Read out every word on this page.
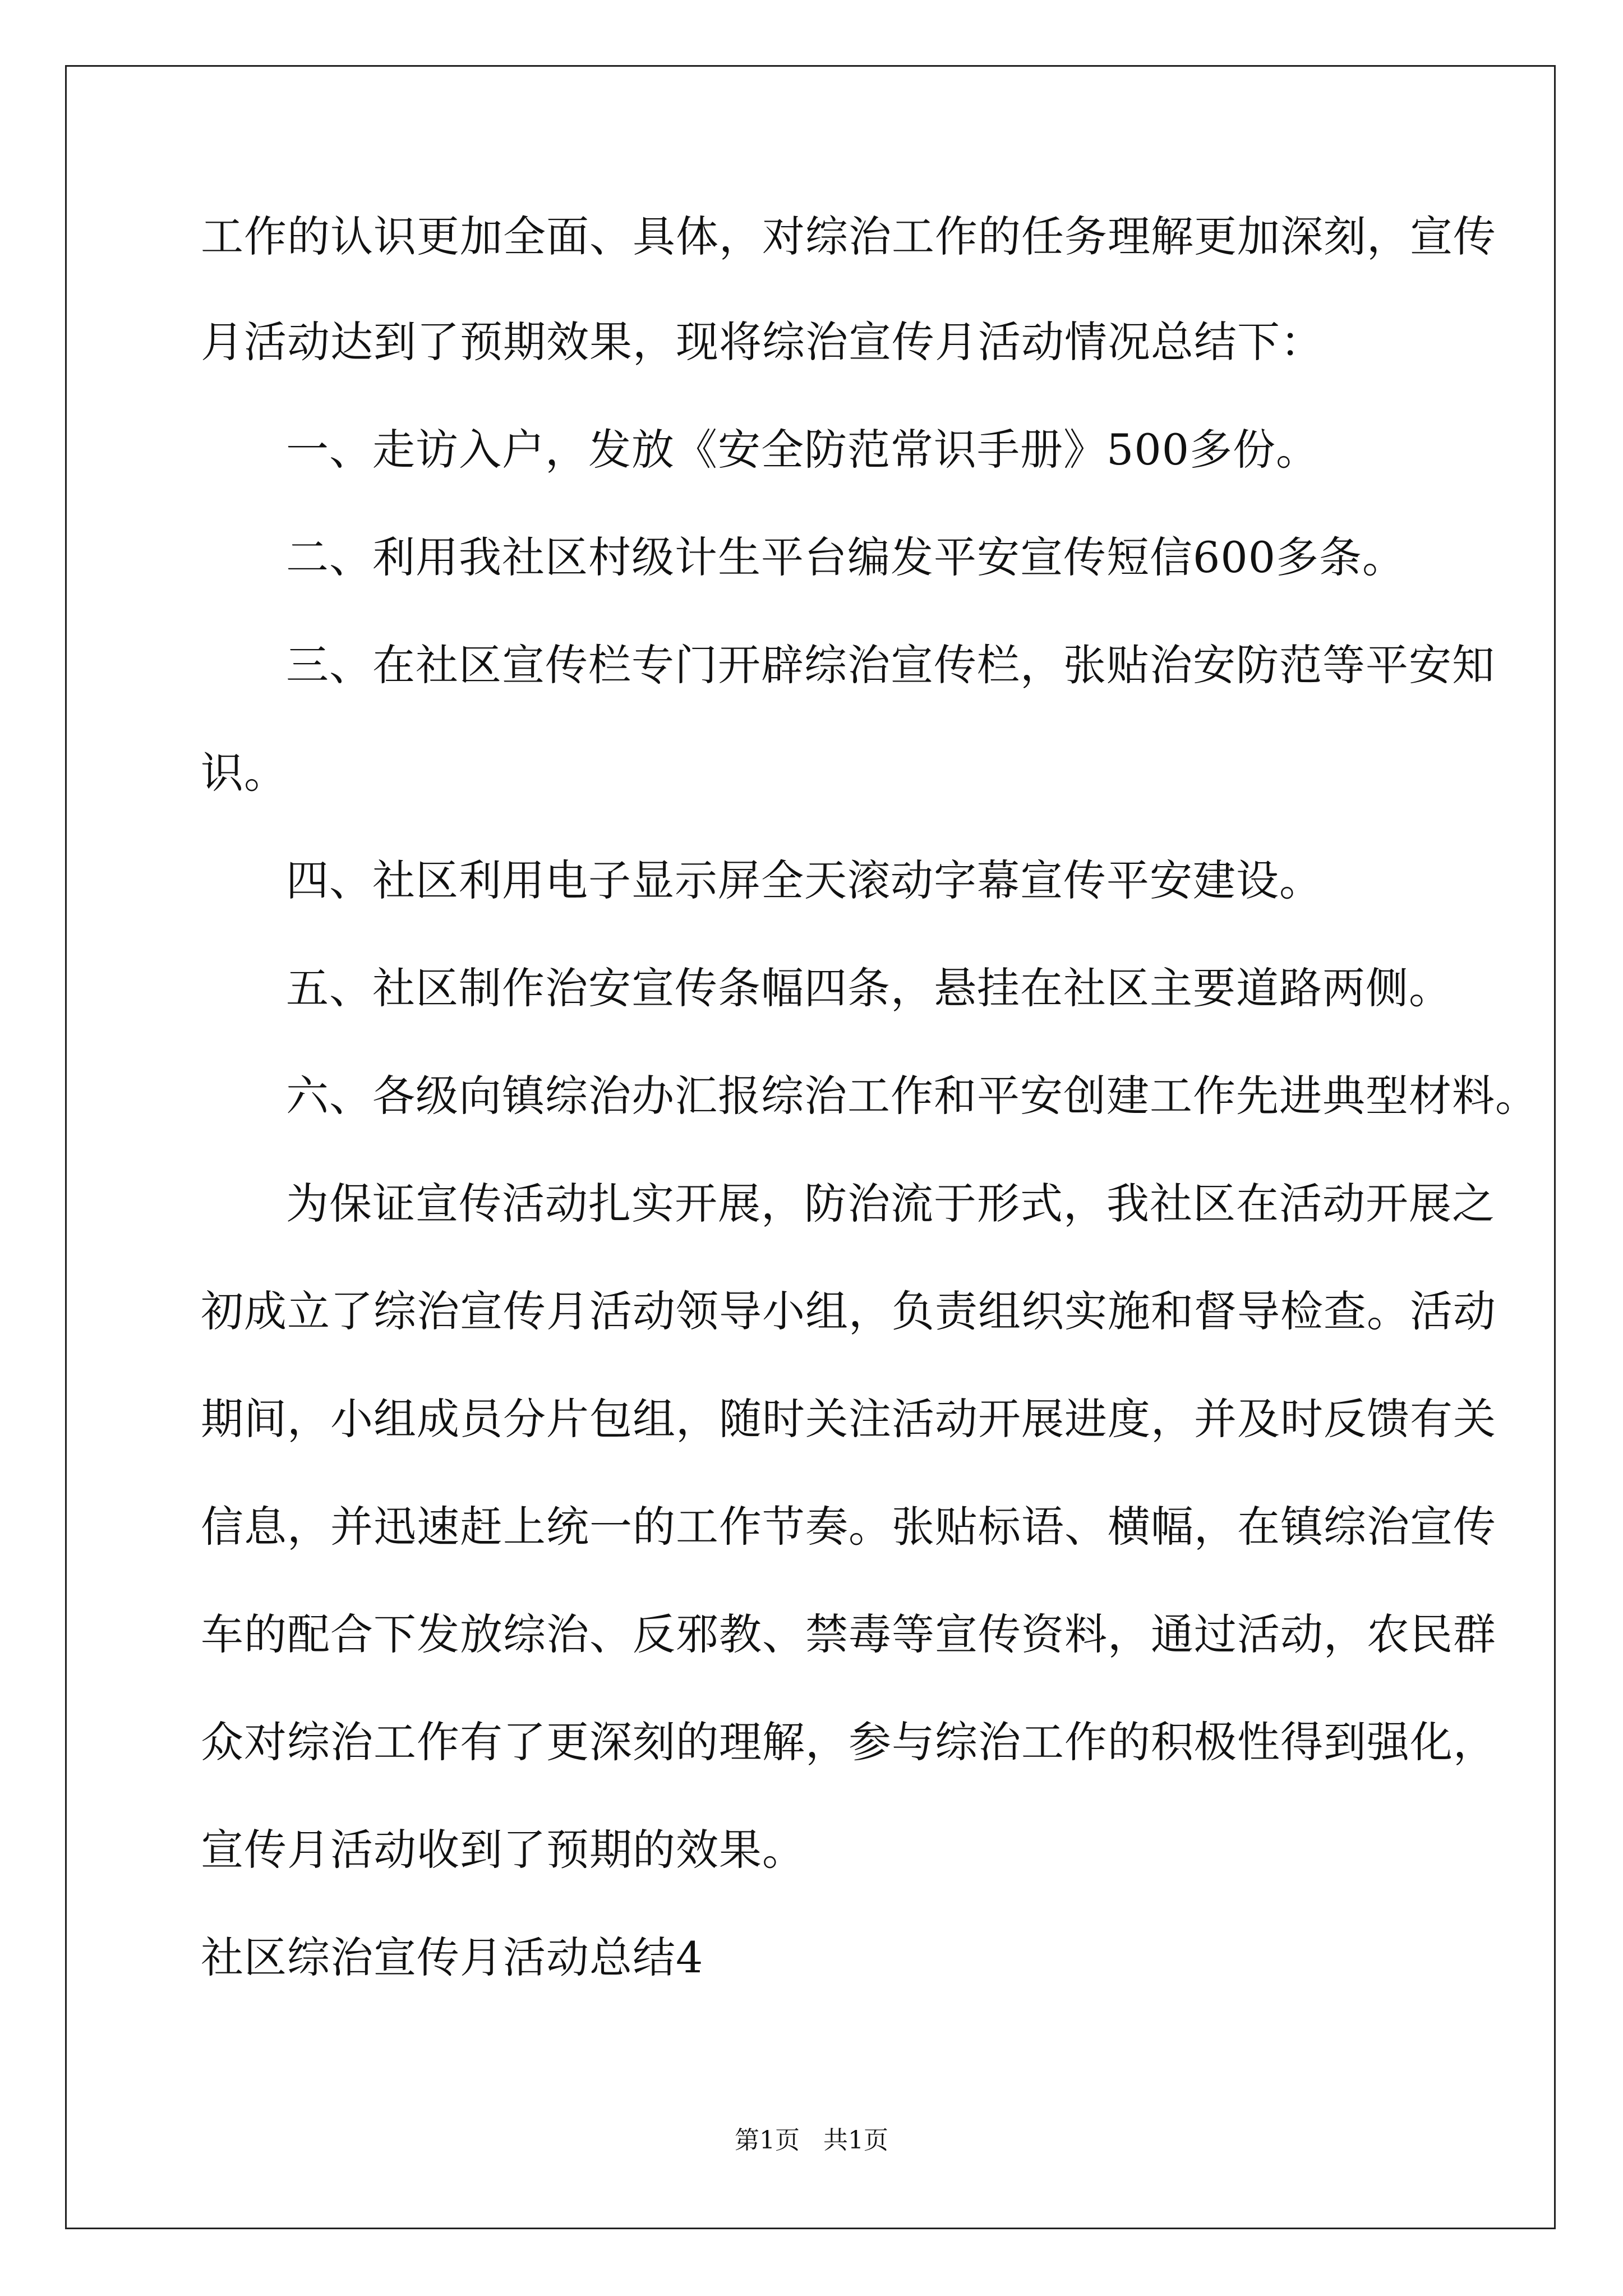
工作的认识更加全面、具体，对综治工作的任务理解更加深刻，宣传
月活动达到了预期效果，现将综治宣传月活动情况总结下：
一、走访入户，发放《安全防范常识手册》500多份。
二、利用我社区村级计生平台编发平安宣传短信600多条。
三、在社区宣传栏专门开辟综治宣传栏，张贴治安防范等平安知
识。
四、社区利用电子显示屏全天滚动字幕宣传平安建设。
五、社区制作治安宣传条幅四条，悬挂在社区主要道路两侧。
六、各级向镇综治办汇报综治工作和平安创建工作先进典型材料。
为保证宣传活动扎实开展，防治流于形式，我社区在活动开展之
初成立了综治宣传月活动领导小组，负责组织实施和督导检查。活动
期间，小组成员分片包组，随时关注活动开展进度，并及时反馈有关
信息，并迅速赶上统一的工作节奏。张贴标语、横幅，在镇综治宣传
车的配合下发放综治、反邪教、禁毒等宣传资料，通过活动，农民群
众对综治工作有了更深刻的理解，参与综治工作的积极性得到强化，
宣传月活动收到了预期的效果。
社区综治宣传月活动总结4
第1页   共1页
